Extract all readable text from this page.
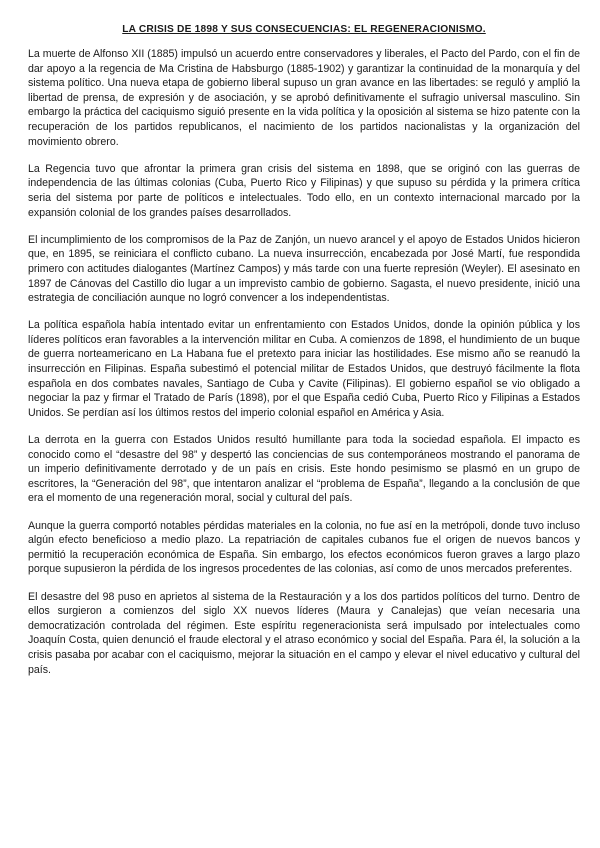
LA CRISIS DE 1898 Y SUS CONSECUENCIAS: EL REGENERACIONISMO.

La muerte de Alfonso XII (1885) impulsó un acuerdo entre conservadores y liberales, el Pacto del Pardo, con el fin de dar apoyo a la regencia de Ma Cristina de Habsburgo (1885-1902) y garantizar la continuidad de la monarquía y del sistema político. Una nueva etapa de gobierno liberal supuso un gran avance en las libertades: se reguló y amplió la libertad de prensa, de expresión y de asociación, y se aprobó definitivamente el sufragio universal masculino. Sin embargo la práctica del caciquismo siguió presente en la vida política y la oposición al sistema se hizo patente con la recuperación de los partidos republicanos, el nacimiento de los partidos nacionalistas y la organización del movimiento obrero.

La Regencia tuvo que afrontar la primera gran crisis del sistema en 1898, que se originó con las guerras de independencia de las últimas colonias (Cuba, Puerto Rico y Filipinas) y que supuso su pérdida y la primera crítica seria del sistema por parte de políticos e intelectuales. Todo ello, en un contexto internacional marcado por la expansión colonial de los grandes países desarrollados.

El incumplimiento de los compromisos de la Paz de Zanjón, un nuevo arancel y el apoyo de Estados Unidos hicieron que, en 1895, se reiniciara el conflicto cubano. La nueva insurrección, encabezada por José Martí, fue respondida primero con actitudes dialogantes (Martínez Campos) y más tarde con una fuerte represión (Weyler). El asesinato en 1897 de Cánovas del Castillo dio lugar a un imprevisto cambio de gobierno. Sagasta, el nuevo presidente, inició una estrategia de conciliación aunque no logró convencer a los independentistas.

La política española había intentado evitar un enfrentamiento con Estados Unidos, donde la opinión pública y los líderes políticos eran favorables a la intervención militar en Cuba. A comienzos de 1898, el hundimiento de un buque de guerra norteamericano en La Habana fue el pretexto para iniciar las hostilidades. Ese mismo año se reanudó la insurrección en Filipinas. España subestimó el potencial militar de Estados Unidos, que destruyó fácilmente la flota española en dos combates navales, Santiago de Cuba y Cavite (Filipinas). El gobierno español se vio obligado a negociar la paz y firmar el Tratado de París (1898), por el que España cedió Cuba, Puerto Rico y Filipinas a Estados Unidos. Se perdían así los últimos restos del imperio colonial español en América y Asia.

La derrota en la guerra con Estados Unidos resultó humillante para toda la sociedad española. El impacto es conocido como el “desastre del 98” y despertó las conciencias de sus contemporáneos mostrando el panorama de un imperio definitivamente derrotado y de un país en crisis. Este hondo pesimismo se plasmó en un grupo de escritores, la “Generación del 98”, que intentaron analizar el “problema de España”, llegando a la conclusión de que era el momento de una regeneración moral, social y cultural del país.

Aunque la guerra comportó notables pérdidas materiales en la colonia, no fue así en la metrópoli, donde tuvo incluso algún efecto beneficioso a medio plazo. La repatriación de capitales cubanos fue el origen de nuevos bancos y permitió la recuperación económica de España. Sin embargo, los efectos económicos fueron graves a largo plazo porque supusieron la pérdida de los ingresos procedentes de las colonias, así como de unos mercados preferentes.

El desastre del 98 puso en aprietos al sistema de la Restauración y a los dos partidos políticos del turno. Dentro de ellos surgieron a comienzos del siglo XX nuevos líderes (Maura y Canalejas) que veían necesaria una democratización controlada del régimen. Este espíritu regeneracionista será impulsado por intelectuales como Joaquín Costa, quien denunció el fraude electoral y el atraso económico y social del España. Para él, la solución a la crisis pasaba por acabar con el caciquismo, mejorar la situación en el campo y elevar el nivel educativo y cultural del país.
